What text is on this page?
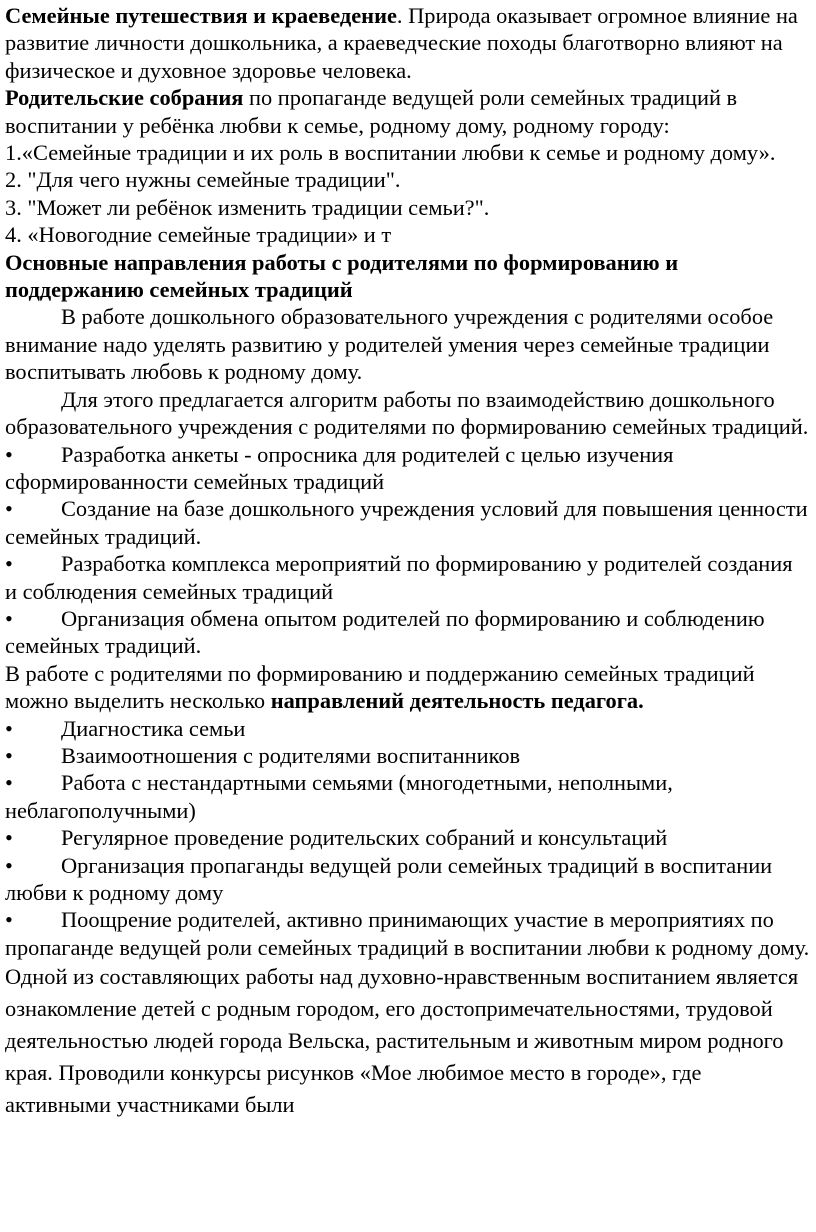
Семейные путешествия и краеведение. Природа оказывает огромное влияние на развитие личности дошкольника, а краеведческие походы благотворно влияют на физическое и духовное здоровье человека.

Родительские собрания по пропаганде ведущей роли семейных традиций в воспитании у ребёнка любви к семье, родному дому, родному городу:

1.«Семейные традиции и их роль в воспитании любви к семье и родному дому».

2. "Для чего нужны семейные традиции".

3. "Может ли ребёнок изменить традиции семьи?".

4. «Новогодние семейные традиции» и т

Основные направления работы с родителями по формированию и поддержанию семейных традиций

В работе дошкольного образовательного учреждения с родителями особое внимание надо уделять развитию у родителей умения через семейные традиции воспитывать любовь к родному дому.

Для этого предлагается алгоритм работы по взаимодействию дошкольного образовательного учреждения с родителями по формированию семейных традиций.

• Разработка анкеты - опросника для родителей с целью изучения сформированности семейных традиций

• Создание на базе дошкольного учреждения условий для повышения ценности семейных традиций.

• Разработка комплекса мероприятий по формированию у родителей создания и соблюдения семейных традиций

• Организация обмена опытом родителей по формированию и соблюдению семейных традиций.

В работе с родителями по формированию и поддержанию семейных традиций можно выделить несколько направлений деятельность педагога.

• Диагностика семьи

• Взаимоотношения с родителями воспитанников

• Работа с нестандартными семьями (многодетными, неполными, неблагополучными)

• Регулярное проведение родительских собраний и консультаций

• Организация пропаганды ведущей роли семейных традиций в воспитании любви к родному дому

• Поощрение родителей, активно принимающих участие в мероприятиях по пропаганде ведущей роли семейных традиций в воспитании любви к родному дому.

Одной из составляющих работы над духовно-нравственным воспитанием является ознакомление детей с родным городом, его достопримечательностями, трудовой деятельностью людей города Вельска, растительным и животным миром родного края. Проводили конкурсы рисунков «Мое любимое место в городе», где активными участниками были
